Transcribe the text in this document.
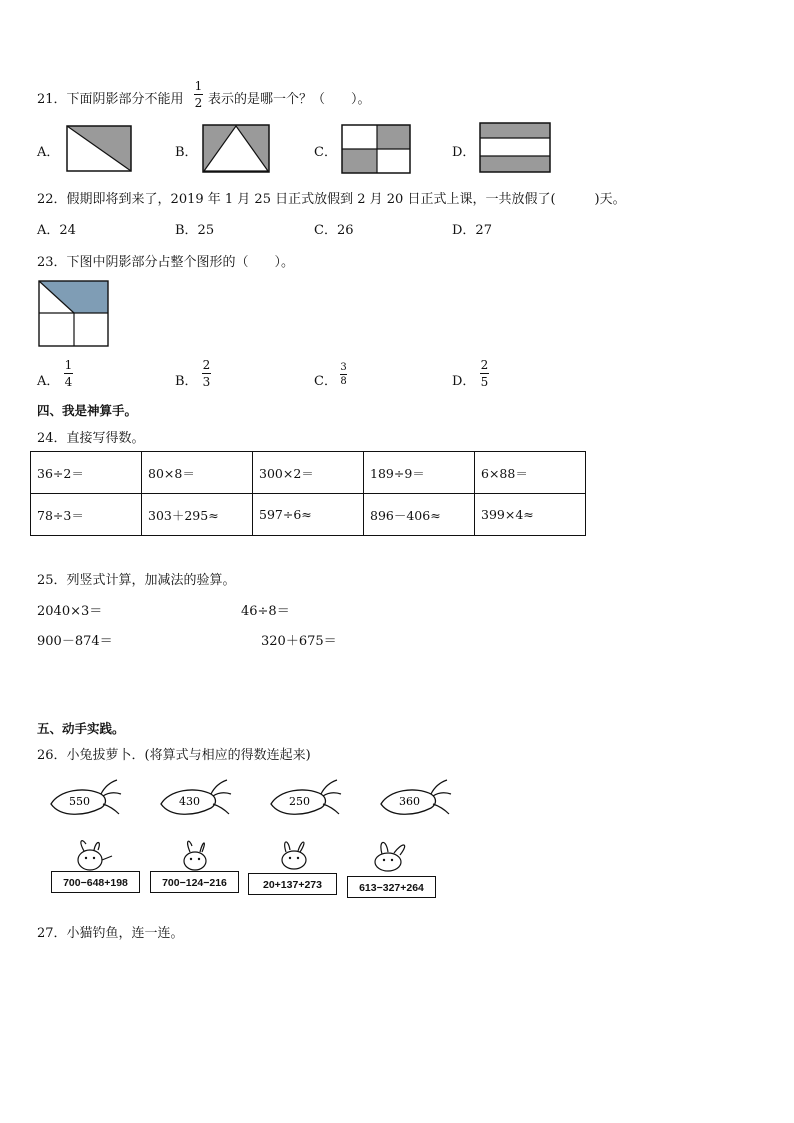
21．下面阴影部分不能用
1
2 表示的是哪一个？（　　）。
A．	B．	C．	D．
22．假期即将到来了，2019 年 1 月 25 日正式放假到 2 月 20 日正式上课，一共放假了(　　　)天。
A．24	B．25	C．26	D．27
23．下图中阴影部分占整个图形的（　　）。
A．
1
4	B．
2
3	C．
3
8	D．
2
5
四、我是神算手。
24．直接写得数。
36÷2＝	80×8＝	300×2＝	189÷9＝	6×88＝
78÷3＝	303＋295≈	597÷6≈	896－406≈	399×4≈
25．列竖式计算，加减法的验算。
2040×3＝	46÷8＝
900－874＝	320＋675＝
五、动手实践。
26．小兔拔萝卜．(将算式与相应的得数连起来)
550	430	250	360
700−648+198	700−124−216	20+137+273	613−327+264
27．小猫钓鱼，连一连。
